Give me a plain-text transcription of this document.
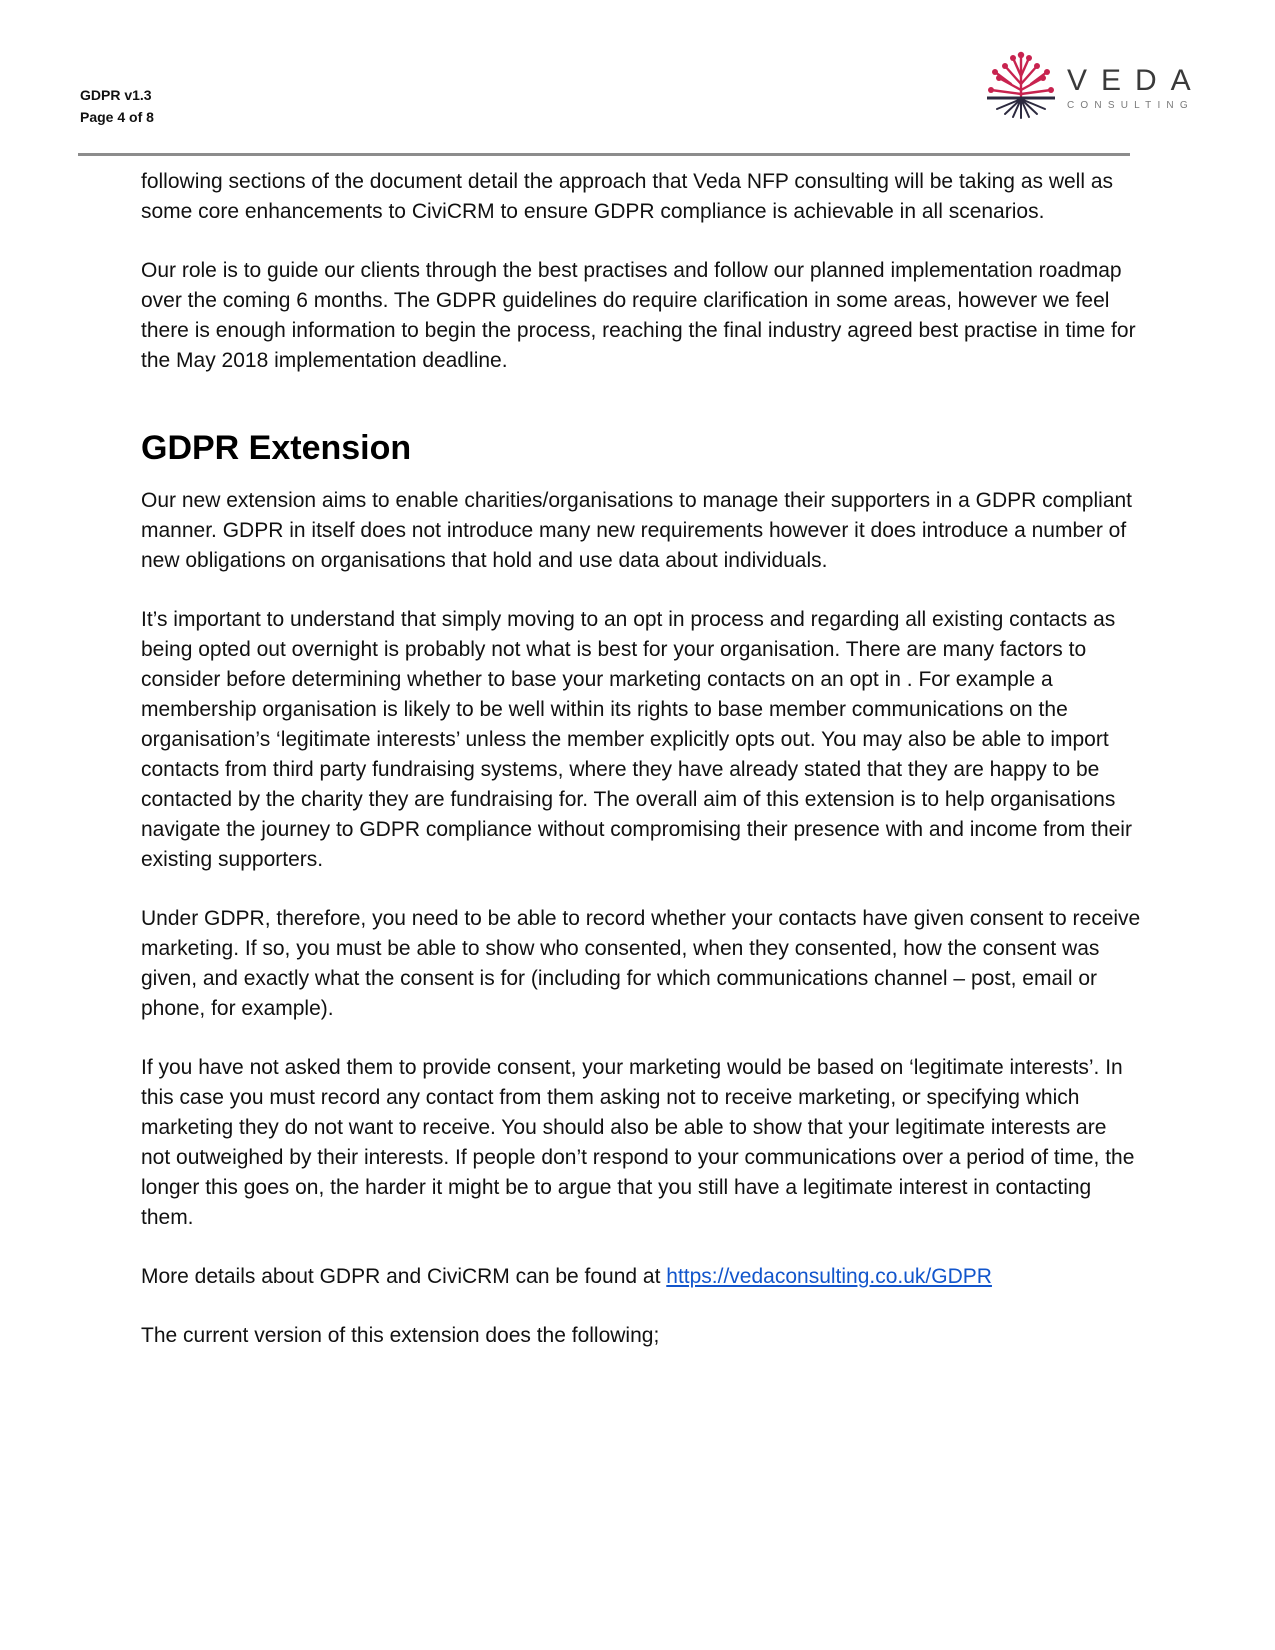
GDPR v1.3
Page 4 of 8
VEDA
CONSULTING

following sections of the document detail the approach that Veda NFP consulting will be taking as well as some core enhancements to CiviCRM to ensure GDPR compliance is achievable in all scenarios.

Our role is to guide our clients through the best practises and follow our planned implementation roadmap over the coming 6 months. The GDPR guidelines do require clarification in some areas, however we feel there is enough information to begin the process, reaching the final industry agreed best practise in time for the May 2018 implementation deadline.

GDPR Extension

Our new extension aims to enable charities/organisations to manage their supporters in a GDPR compliant manner. GDPR in itself does not introduce many new requirements however it does introduce a number of new obligations on organisations that hold and use data about individuals.

It’s important to understand that simply moving to an opt in process and regarding all existing contacts as being opted out overnight is probably not what is best for your organisation. There are many factors to consider before determining whether to base your marketing contacts on an opt in . For example a membership organisation is likely to be well within its rights to base member communications on the organisation’s ‘legitimate interests’ unless the member explicitly opts out. You may also be able to import contacts from third party fundraising systems, where they have already stated that they are happy to be contacted by the charity they are fundraising for. The overall aim of this extension is to help organisations navigate the journey to GDPR compliance without compromising their presence with and income from their existing supporters.

Under GDPR, therefore, you need to be able to record whether your contacts have given consent to receive marketing. If so, you must be able to show who consented, when they consented, how the consent was given, and exactly what the consent is for (including for which communications channel – post, email or phone, for example).

If you have not asked them to provide consent, your marketing would be based on ‘legitimate interests’. In this case you must record any contact from them asking not to receive marketing, or specifying which marketing they do not want to receive. You should also be able to show that your legitimate interests are not outweighed by their interests. If people don’t respond to your communications over a period of time, the longer this goes on, the harder it might be to argue that you still have a legitimate interest in contacting them.

More details about GDPR and CiviCRM can be found at https://vedaconsulting.co.uk/GDPR

The current version of this extension does the following;
